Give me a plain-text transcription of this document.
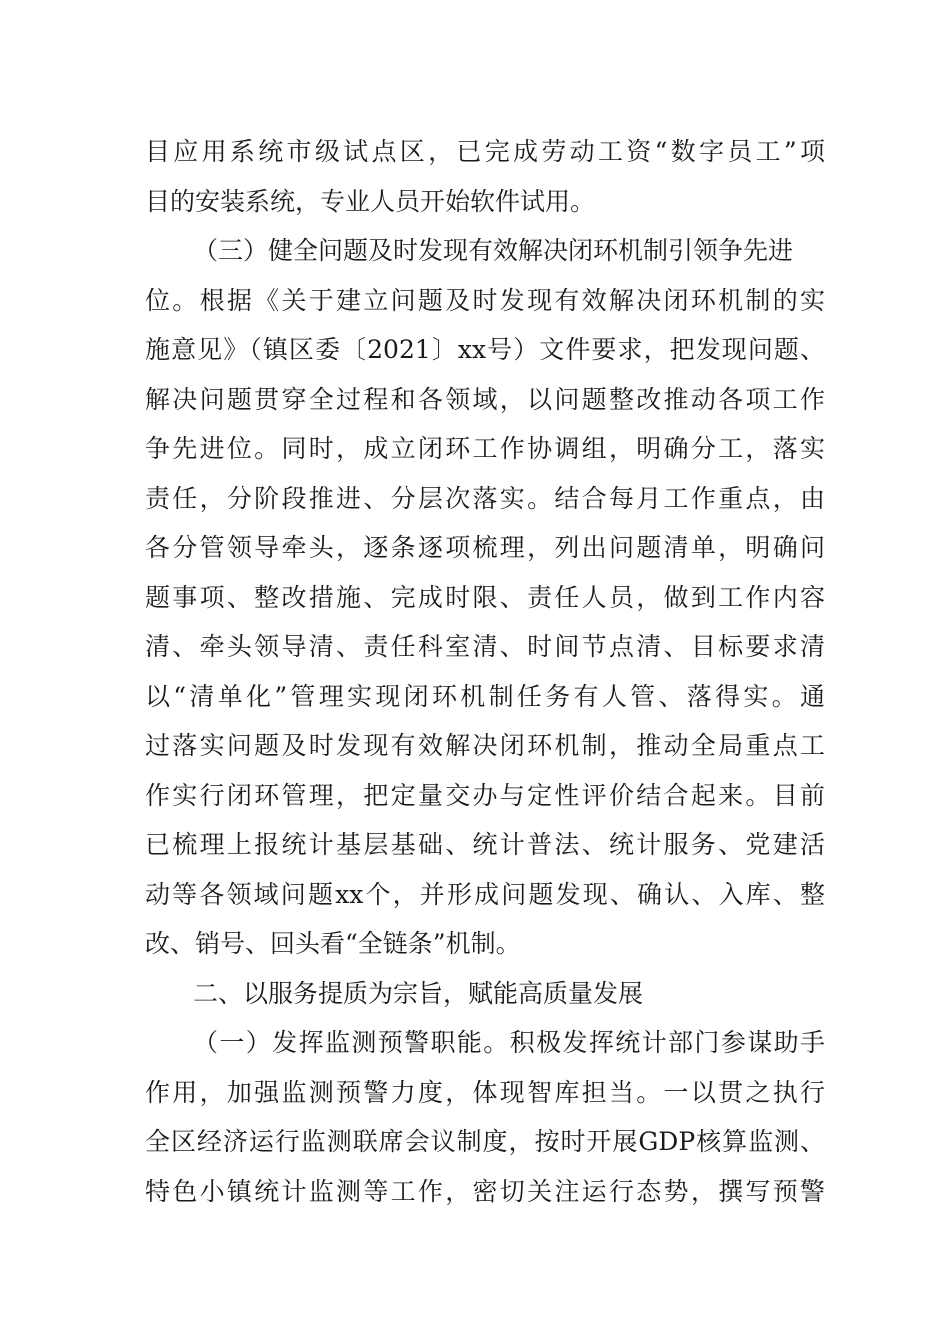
目应用系统市级试点区，已完成劳动工资“数字员工”项
目的安装系统，专业人员开始软件试用。
（三）健全问题及时发现有效解决闭环机制引领争先进
位。根据《关于建立问题及时发现有效解决闭环机制的实
施意见》（镇区委〔2021〕xx号）文件要求，把发现问题、
解决问题贯穿全过程和各领域，以问题整改推动各项工作
争先进位。同时，成立闭环工作协调组，明确分工，落实
责任，分阶段推进、分层次落实。结合每月工作重点，由
各分管领导牵头，逐条逐项梳理，列出问题清单，明确问
题事项、整改措施、完成时限、责任人员，做到工作内容
清、牵头领导清、责任科室清、时间节点清、目标要求清
以“清单化”管理实现闭环机制任务有人管、落得实。通
过落实问题及时发现有效解决闭环机制，推动全局重点工
作实行闭环管理，把定量交办与定性评价结合起来。目前
已梳理上报统计基层基础、统计普法、统计服务、党建活
动等各领域问题xx个，并形成问题发现、确认、入库、整
改、销号、回头看“全链条”机制。
二、以服务提质为宗旨，赋能高质量发展
（一）发挥监测预警职能。积极发挥统计部门参谋助手
作用，加强监测预警力度，体现智库担当。一以贯之执行
全区经济运行监测联席会议制度，按时开展GDP核算监测、
特色小镇统计监测等工作，密切关注运行态势，撰写预警
